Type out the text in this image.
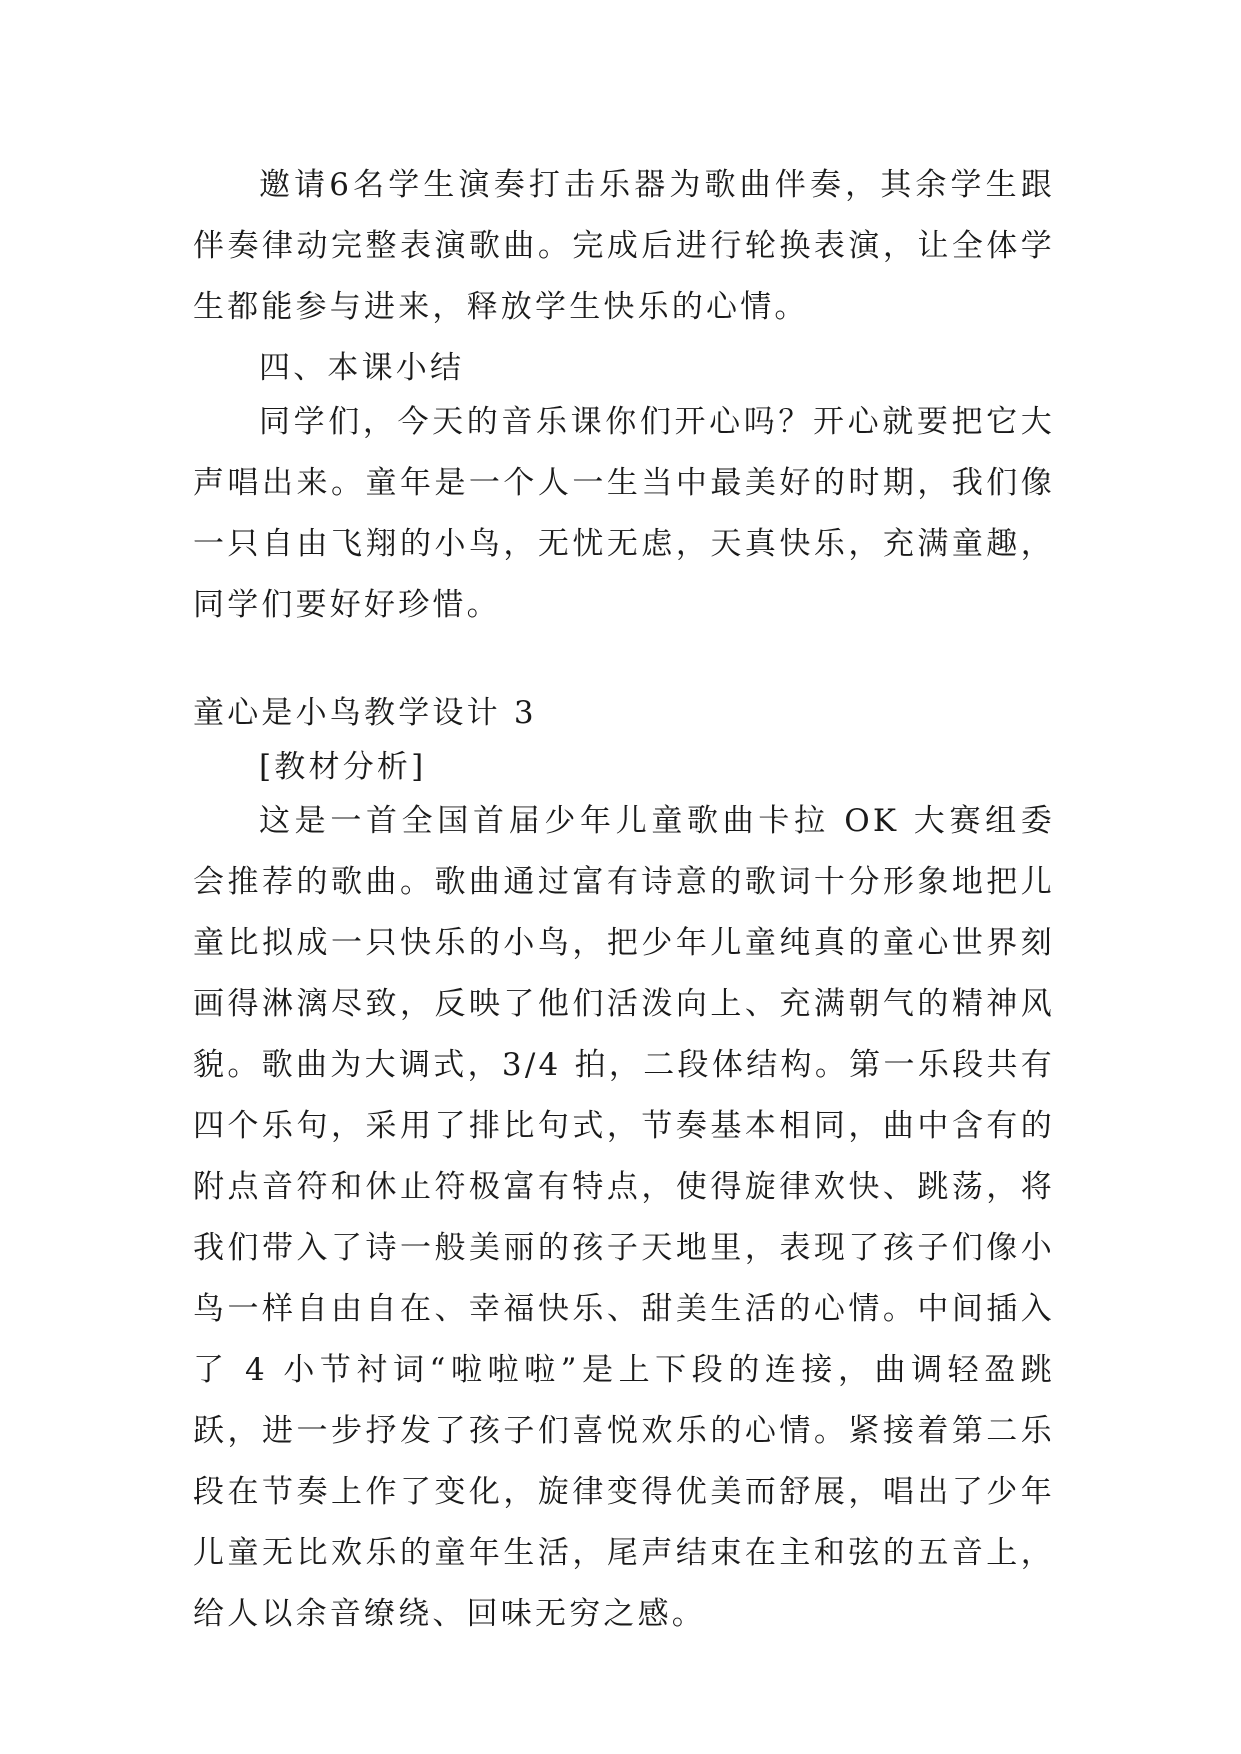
邀请6名学生演奏打击乐器为歌曲伴奏，其余学生跟伴奏律动完整表演歌曲。完成后进行轮换表演，让全体学生都能参与进来，释放学生快乐的心情。

四、本课小结

同学们，今天的音乐课你们开心吗？开心就要把它大声唱出来。童年是一个人一生当中最美好的时期，我们像一只自由飞翔的小鸟，无忧无虑，天真快乐，充满童趣，同学们要好好珍惜。

童心是小鸟教学设计 3

[教材分析]

这是一首全国首届少年儿童歌曲卡拉 OK 大赛组委会推荐的歌曲。歌曲通过富有诗意的歌词十分形象地把儿童比拟成一只快乐的小鸟，把少年儿童纯真的童心世界刻画得淋漓尽致，反映了他们活泼向上、充满朝气的精神风貌。歌曲为大调式，3/4 拍，二段体结构。第一乐段共有四个乐句，采用了排比句式，节奏基本相同，曲中含有的附点音符和休止符极富有特点，使得旋律欢快、跳荡，将我们带入了诗一般美丽的孩子天地里，表现了孩子们像小鸟一样自由自在、幸福快乐、甜美生活的心情。中间插入了 4 小节衬词“啦啦啦”是上下段的连接，曲调轻盈跳跃，进一步抒发了孩子们喜悦欢乐的心情。紧接着第二乐段在节奏上作了变化，旋律变得优美而舒展，唱出了少年儿童无比欢乐的童年生活，尾声结束在主和弦的五音上，给人以余音缭绕、回味无穷之感。
